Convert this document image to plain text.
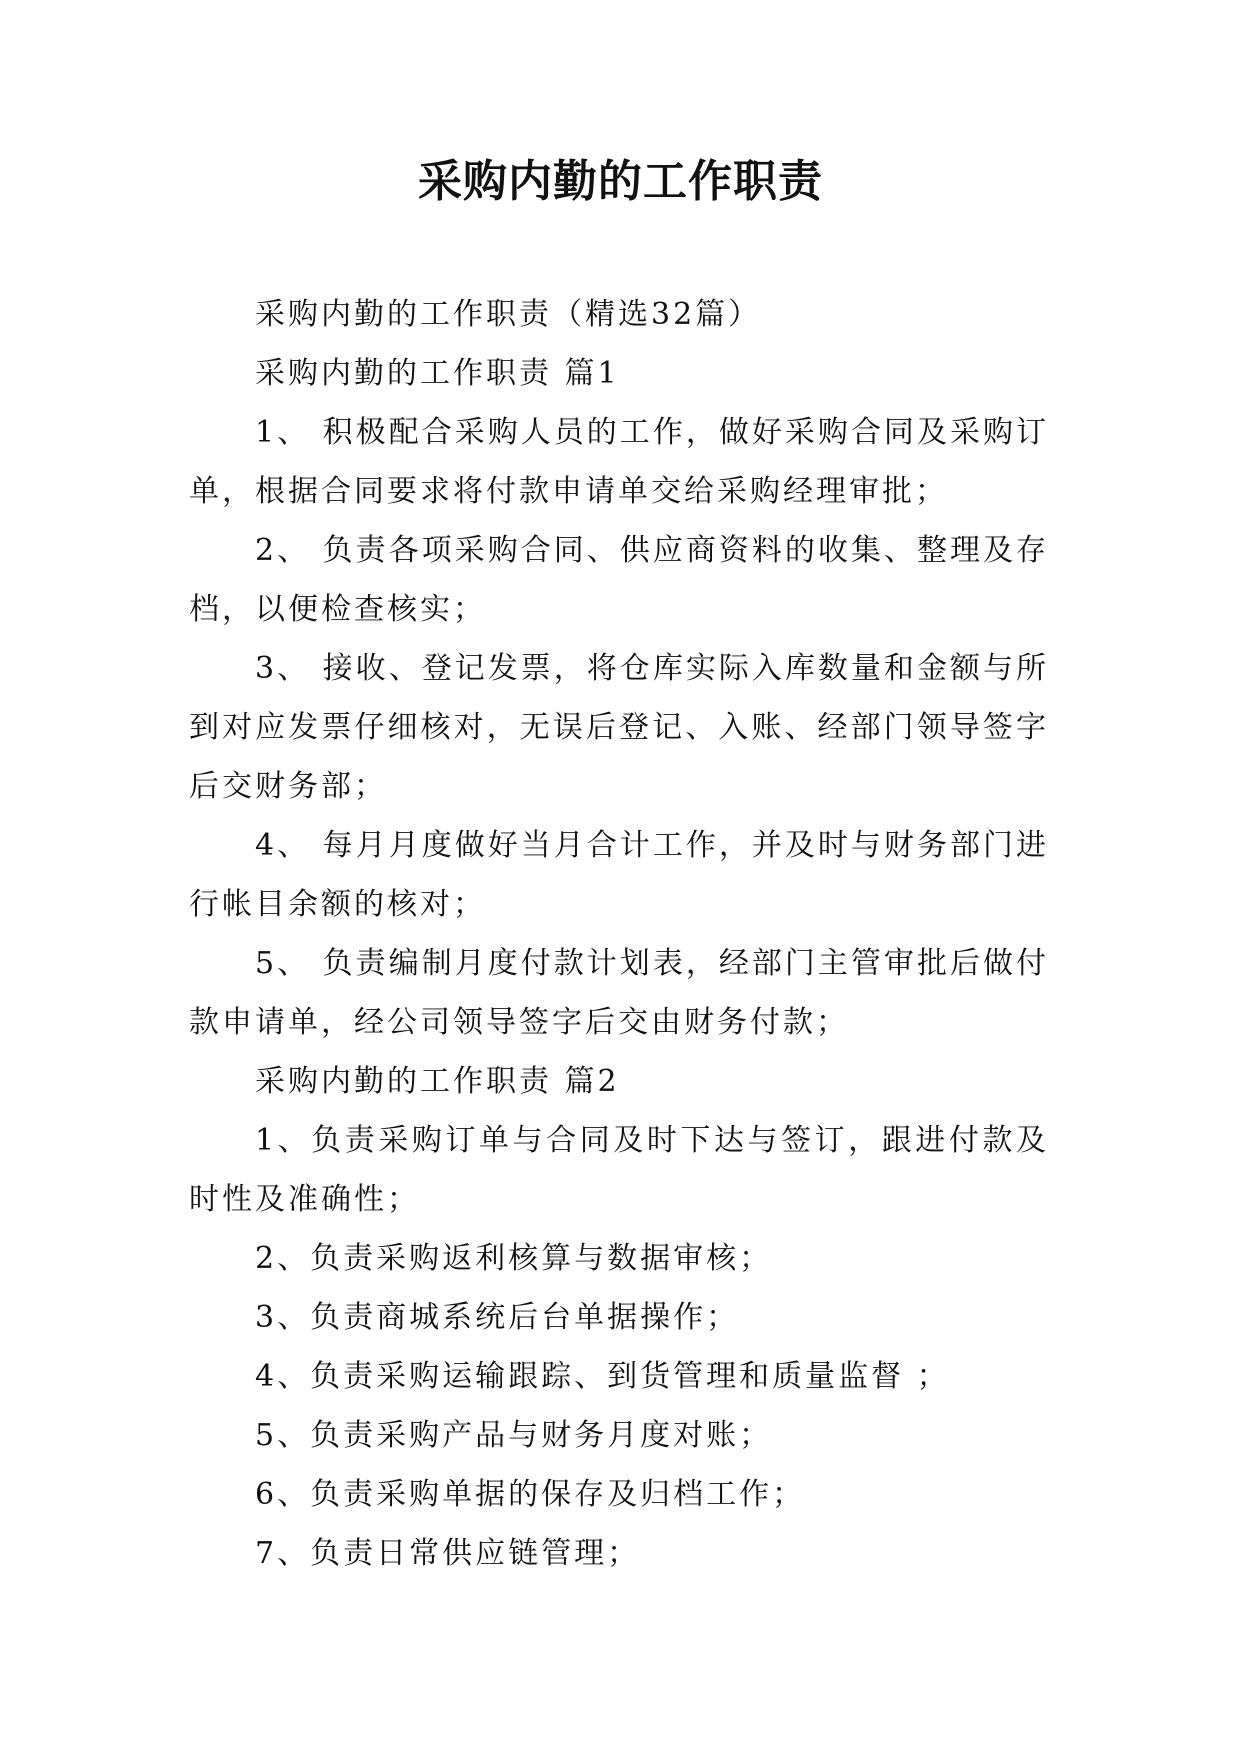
采购内勤的工作职责

采购内勤的工作职责（精选32篇）

采购内勤的工作职责 篇1

1、 积极配合采购人员的工作，做好采购合同及采购订单，根据合同要求将付款申请单交给采购经理审批；

2、 负责各项采购合同、供应商资料的收集、整理及存档，以便检查核实；

3、 接收、登记发票，将仓库实际入库数量和金额与所到对应发票仔细核对，无误后登记、入账、经部门领导签字后交财务部；

4、 每月月度做好当月合计工作，并及时与财务部门进行帐目余额的核对；

5、 负责编制月度付款计划表，经部门主管审批后做付款申请单，经公司领导签字后交由财务付款；

采购内勤的工作职责 篇2

1、负责采购订单与合同及时下达与签订，跟进付款及时性及准确性；

2、负责采购返利核算与数据审核；

3、负责商城系统后台单据操作；

4、负责采购运输跟踪、到货管理和质量监督 ；

5、负责采购产品与财务月度对账；

6、负责采购单据的保存及归档工作；

7、负责日常供应链管理；
